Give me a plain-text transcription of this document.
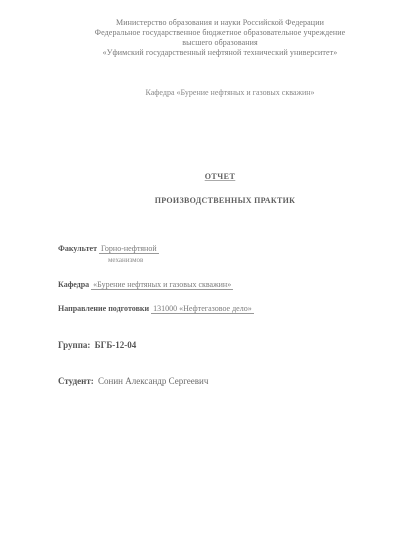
Министерство образования и науки Российской Федерации
Федеральное государственное бюджетное образовательное учреждение
высшего образования
«Уфимский государственный нефтяной технический университет»
Кафедра «Бурение нефтяных и газовых скважин»
ОТЧЕТ
ПРОИЗВОДСТВЕННЫХ ПРАКТИК
Факультет Горно-нефтяной
механизмов
Кафедра «Бурение нефтяных и газовых скважин»
Направление подготовки 131000 «Нефтегазовое дело»
Группа: БГБ-12-04
Студент: Сонин Александр Сергеевич
